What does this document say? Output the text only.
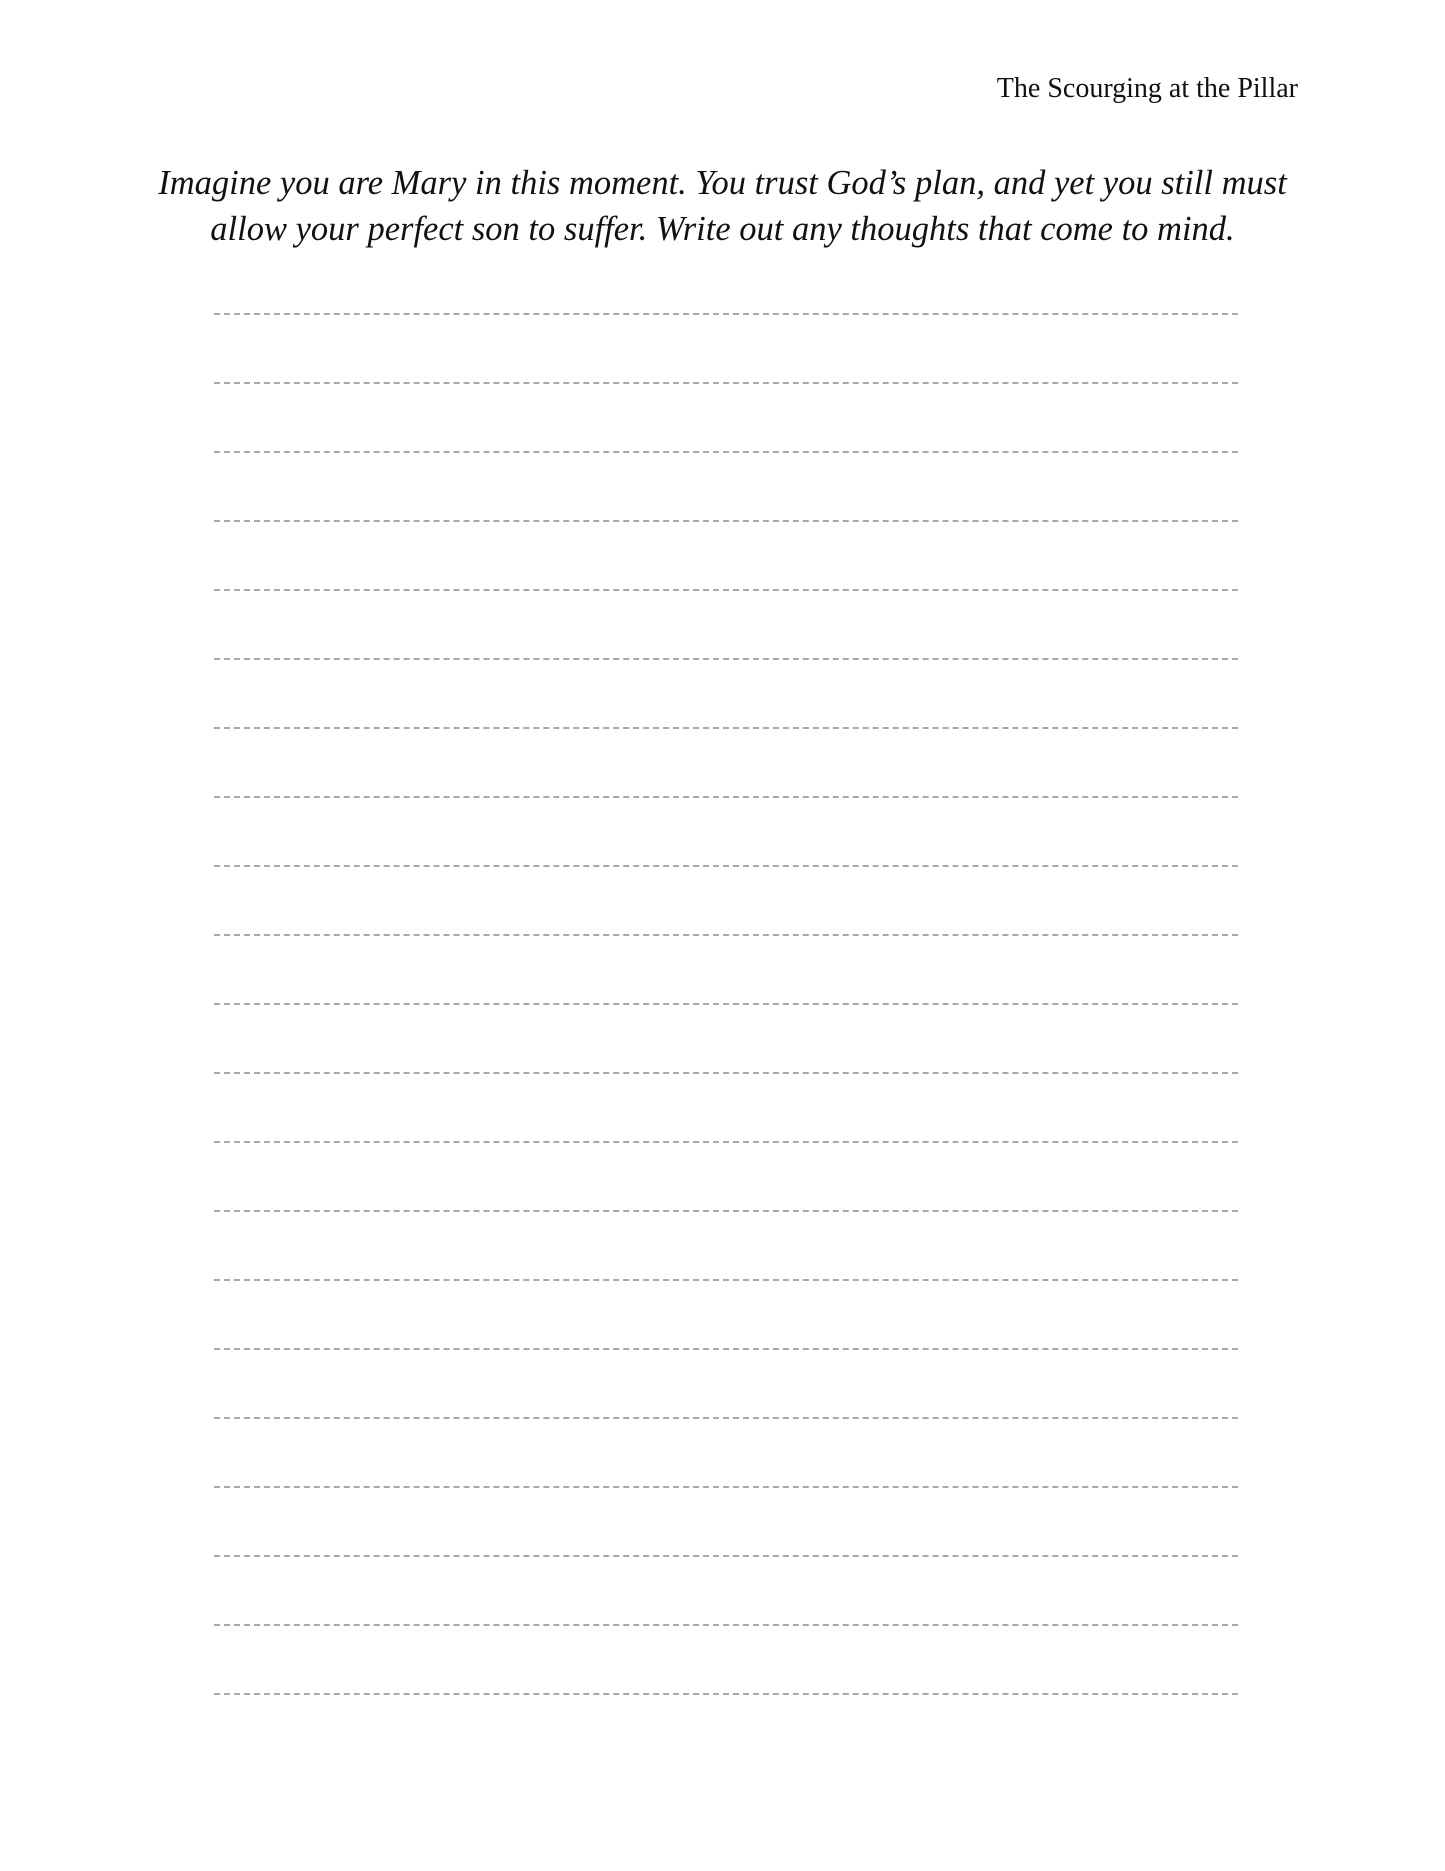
The Scourging at the Pillar
Imagine you are Mary in this moment. You trust God’s plan, and yet you still must
allow your perfect son to suffer. Write out any thoughts that come to mind.
